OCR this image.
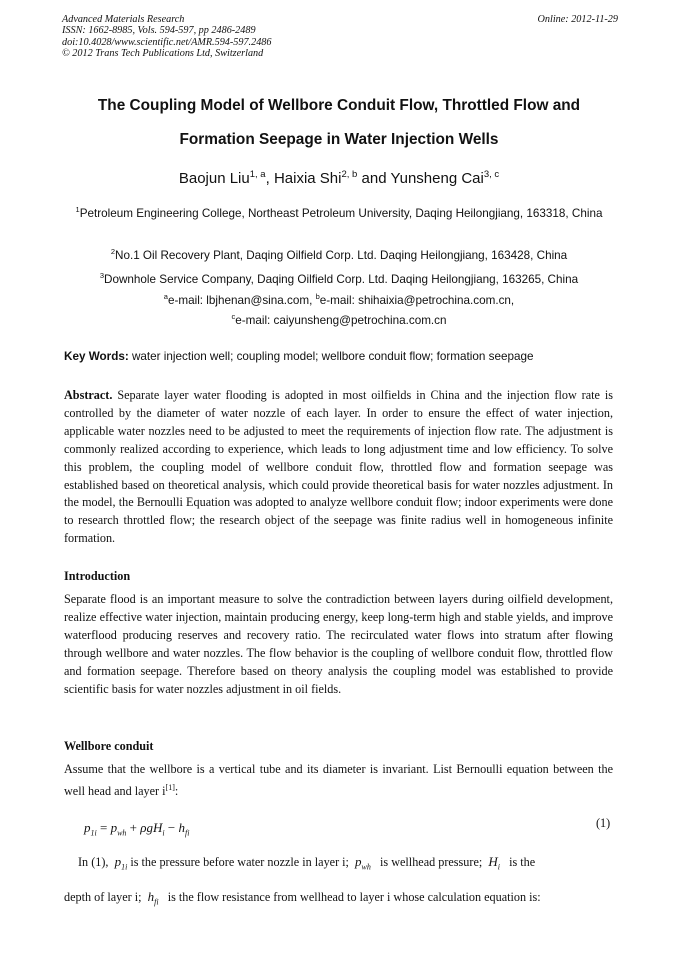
Advanced Materials Research
ISSN: 1662-8985, Vols. 594-597, pp 2486-2489
doi:10.4028/www.scientific.net/AMR.594-597.2486
© 2012 Trans Tech Publications Ltd, Switzerland
Online: 2012-11-29
The Coupling Model of Wellbore Conduit Flow, Throttled Flow and
Formation Seepage in Water Injection Wells
Baojun Liu$^{1, a}$, Haixia Shi$^{2, b}$ and Yunsheng Cai$^{3, c}$
$^1$Petroleum Engineering College, Northeast Petroleum University, Daqing Heilongjiang, 163318, China
$^2$No.1 Oil Recovery Plant, Daqing Oilfield Corp. Ltd. Daqing Heilongjiang, 163428, China
$^3$Downhole Service Company, Daqing Oilfield Corp. Ltd. Daqing Heilongjiang, 163265, China
$^a$e-mail: lbjhenan@sina.com, $^b$e-mail: shihaixia@petrochina.com.cn,
$^c$e-mail: caiyunsheng@petrochina.com.cn
Key Words: water injection well; coupling model; wellbore conduit flow; formation seepage
Abstract. Separate layer water flooding is adopted in most oilfields in China and the injection flow rate is controlled by the diameter of water nozzle of each layer. In order to ensure the effect of water injection, applicable water nozzles need to be adjusted to meet the requirements of injection flow rate. The adjustment is commonly realized according to experience, which leads to long adjustment time and low efficiency. To solve this problem, the coupling model of wellbore conduit flow, throttled flow and formation seepage was established based on theoretical analysis, which could provide theoretical basis for water nozzles adjustment. In the model, the Bernoulli Equation was adopted to analyze wellbore conduit flow; indoor experiments were done to research throttled flow; the research object of the seepage was finite radius well in homogeneous infinite formation.
Introduction
Separate flood is an important measure to solve the contradiction between layers during oilfield development, realize effective water injection, maintain producing energy, keep long-term high and stable yields, and improve waterflood producing reserves and recovery ratio. The recirculated water flows into stratum after flowing through wellbore and water nozzles. The flow behavior is the coupling of wellbore conduit flow, throttled flow and formation seepage. Therefore based on theory analysis the coupling model was established to provide scientific basis for water nozzles adjustment in oil fields.
Wellbore conduit
Assume that the wellbore is a vertical tube and its diameter is invariant. List Bernoulli equation between the well head and layer i[1]:
$p_{1i} = p_{wh} + \rho gH_i - h_{fi}$
(1)
In (1),  $p_{1i}$ is the pressure before water nozzle in layer i;  $p_{wh}$   is wellhead pressure;  $H_i$   is the
depth of layer i;  $h_{fi}$   is the flow resistance from wellhead to layer i whose calculation equation is:
